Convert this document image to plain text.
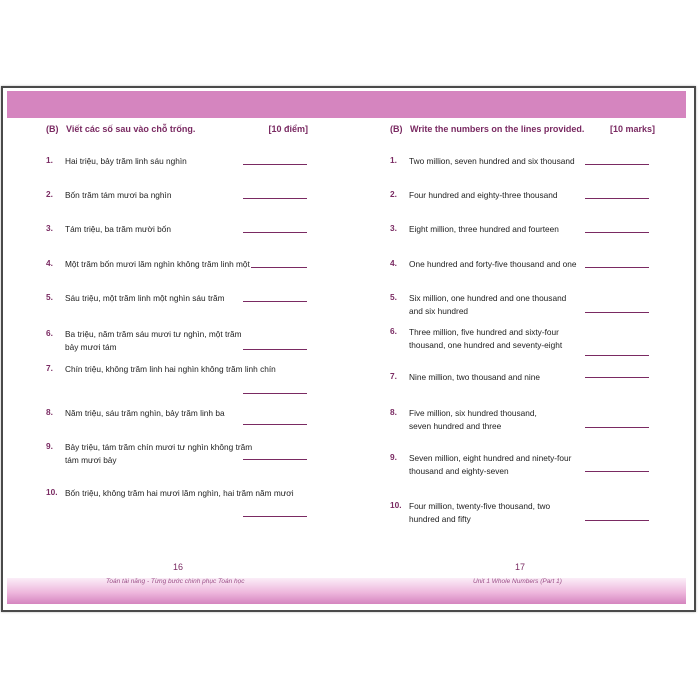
(B) Viết các số sau vào chỗ trống.	[10 điểm]
1. Hai triệu, bảy trăm linh sáu nghìn
2. Bốn trăm tám mươi ba nghìn
3. Tám triệu, ba trăm mười bốn
4. Một trăm bốn mươi lăm nghìn không trăm linh một
5. Sáu triệu, một trăm linh một nghìn sáu trăm
6. Ba triệu, năm trăm sáu mươi tư nghìn, một trăm
bảy mươi tám
7. Chín triệu, không trăm linh hai nghìn không trăm linh chín
8. Năm triệu, sáu trăm nghìn, bảy trăm linh ba
9. Bảy triệu, tám trăm chín mươi tư nghìn không trăm
tám mươi bảy
10. Bốn triệu, không trăm hai mươi lăm nghìn, hai trăm năm mươi
16
Toán tài năng - Từng bước chinh phục Toán học
(B) Write the numbers on the lines provided.	[10 marks]
1. Two million, seven hundred and six thousand
2. Four hundred and eighty-three thousand
3. Eight million, three hundred and fourteen
4. One hundred and forty-five thousand and one
5. Six million, one hundred and one thousand
and six hundred
6. Three million, five hundred and sixty-four
thousand, one hundred and seventy-eight
7. Nine million, two thousand and nine
8. Five million, six hundred thousand,
seven hundred and three
9. Seven million, eight hundred and ninety-four
thousand and eighty-seven
10. Four million, twenty-five thousand, two
hundred and fifty
17
Unit 1 Whole Numbers (Part 1)
